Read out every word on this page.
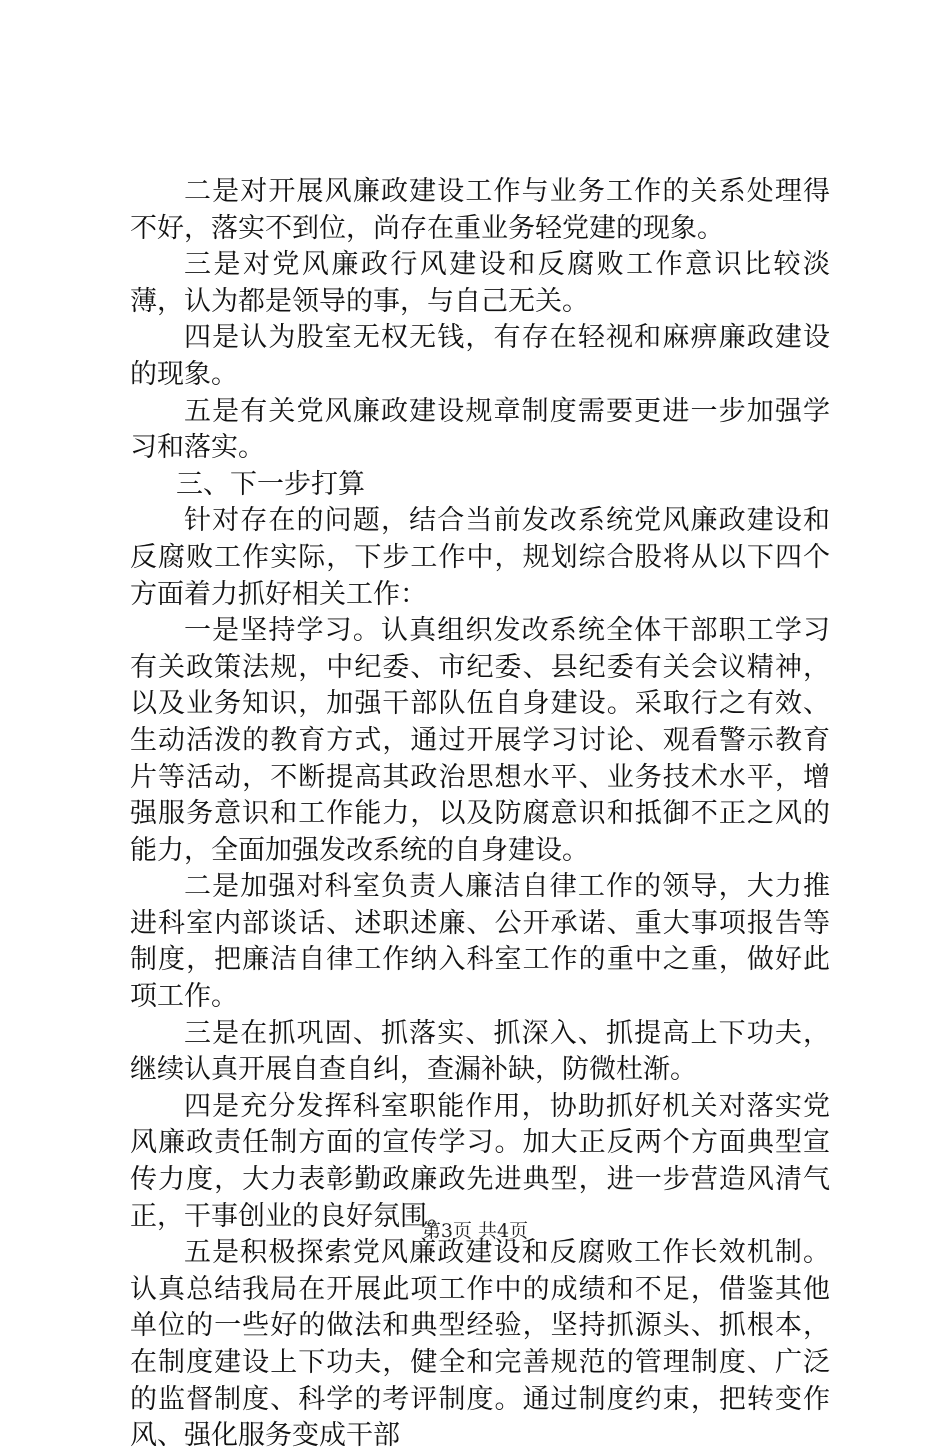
二是对开展风廉政建设工作与业务工作的关系处理得不好，落实不到位，尚存在重业务轻党建的现象。

三是对党风廉政行风建设和反腐败工作意识比较淡薄，认为都是领导的事，与自己无关。

四是认为股室无权无钱，有存在轻视和麻痹廉政建设的现象。

五是有关党风廉政建设规章制度需要更进一步加强学习和落实。

三、下一步打算

针对存在的问题，结合当前发改系统党风廉政建设和反腐败工作实际，下步工作中，规划综合股将从以下四个方面着力抓好相关工作：

一是坚持学习。认真组织发改系统全体干部职工学习有关政策法规，中纪委、市纪委、县纪委有关会议精神，以及业务知识，加强干部队伍自身建设。采取行之有效、生动活泼的教育方式，通过开展学习讨论、观看警示教育片等活动，不断提高其政治思想水平、业务技术水平，增强服务意识和工作能力，以及防腐意识和抵御不正之风的能力，全面加强发改系统的自身建设。

二是加强对科室负责人廉洁自律工作的领导，大力推进科室内部谈话、述职述廉、公开承诺、重大事项报告等制度，把廉洁自律工作纳入科室工作的重中之重，做好此项工作。

三是在抓巩固、抓落实、抓深入、抓提高上下功夫，继续认真开展自查自纠，查漏补缺，防微杜渐。

四是充分发挥科室职能作用，协助抓好机关对落实党风廉政责任制方面的宣传学习。加大正反两个方面典型宣传力度，大力表彰勤政廉政先进典型，进一步营造风清气正，干事创业的良好氛围。

五是积极探索党风廉政建设和反腐败工作长效机制。认真总结我局在开展此项工作中的成绩和不足，借鉴其他单位的一些好的做法和典型经验，坚持抓源头、抓根本，在制度建设上下功夫，健全和完善规范的管理制度、广泛的监督制度、科学的考评制度。通过制度约束，把转变作风、强化服务变成干部

第3页 共4页
